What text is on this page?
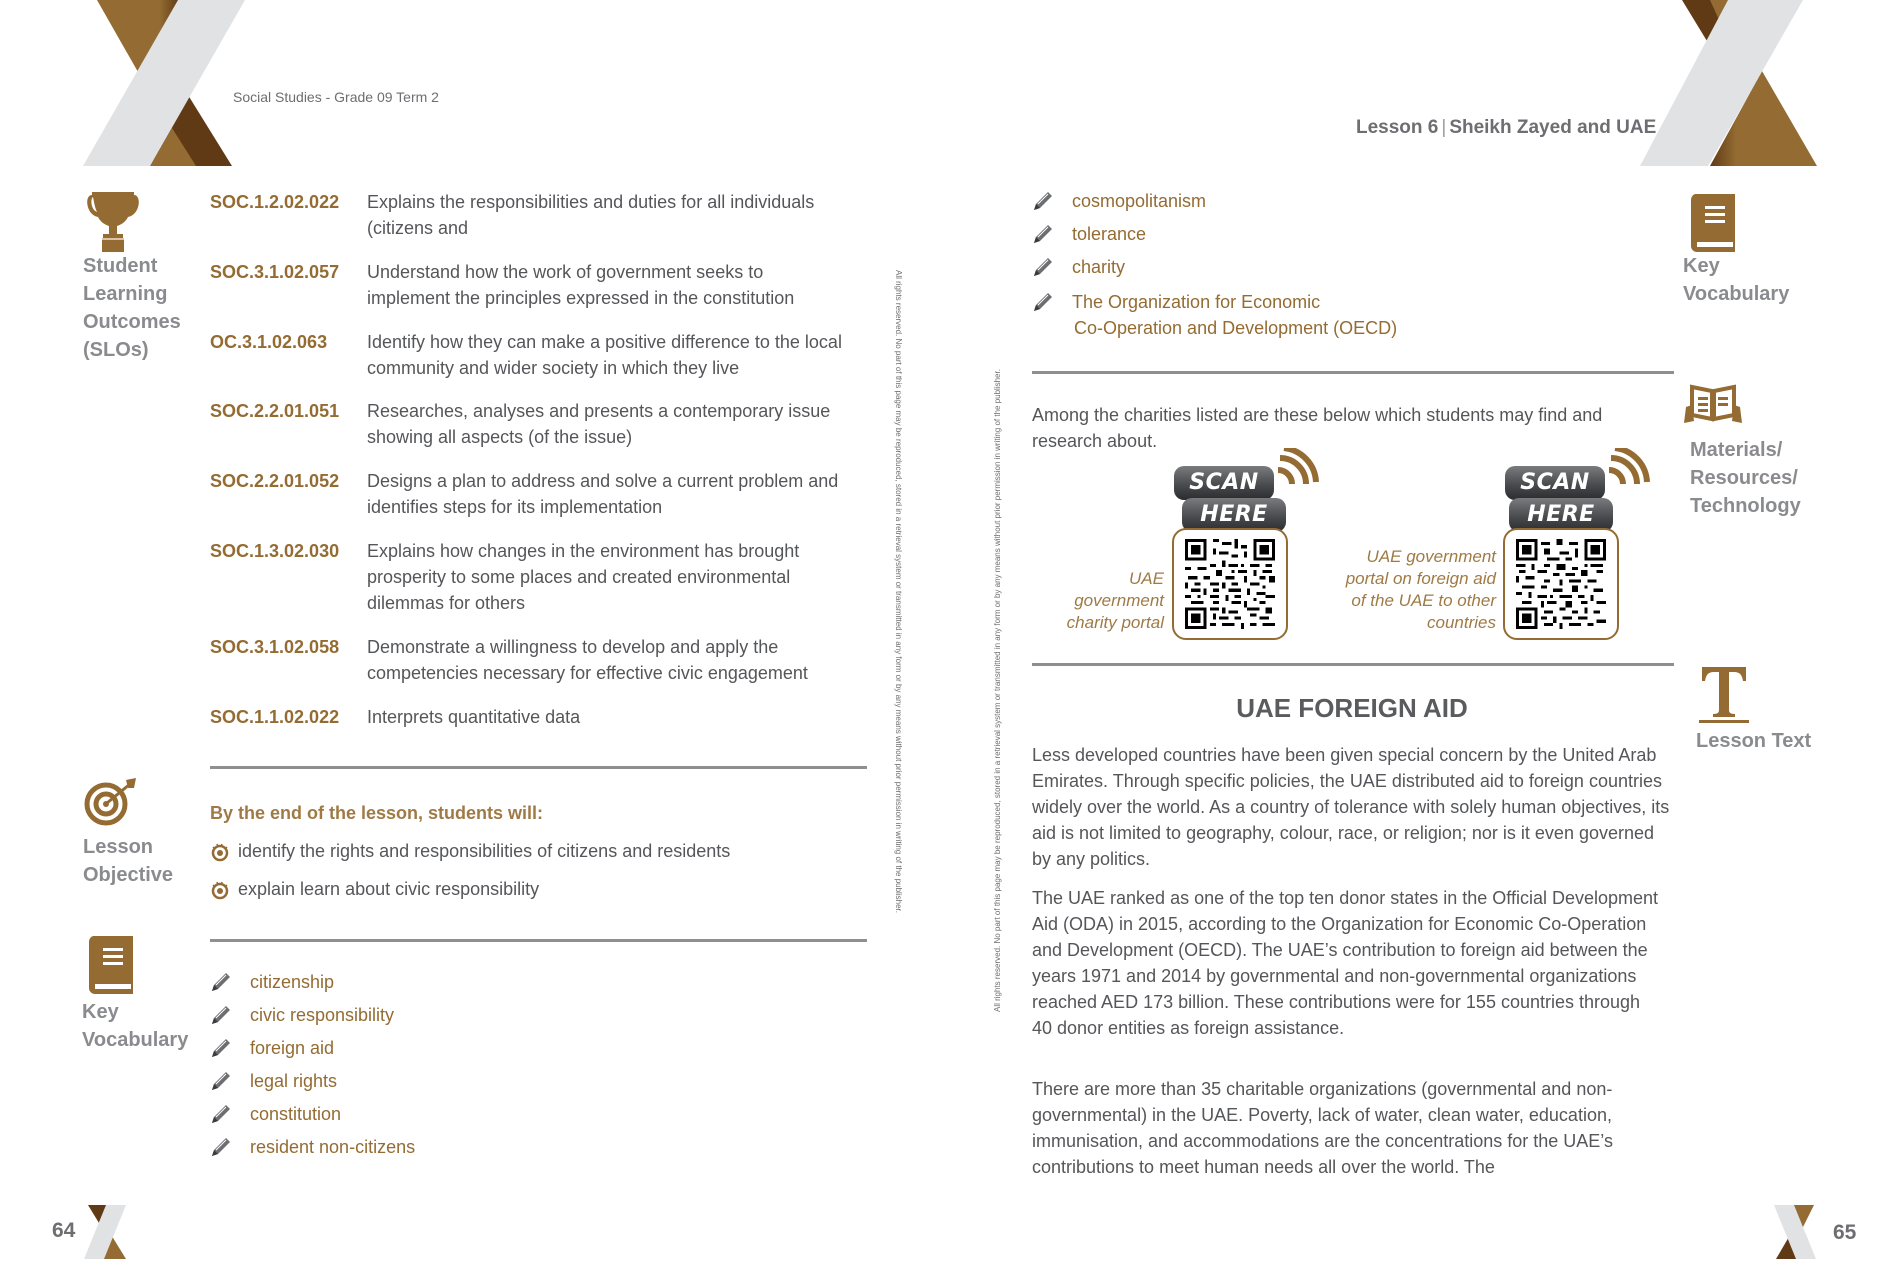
64	65
Social Studies - Grade 09 Term 2
Lesson 6 | Sheikh Zayed and UAE
Student
Learning
Outcomes
(SLOs)
SOC.1.2.02.022	Explains the responsibilities and duties for all individuals (citizens and
SOC.3.1.02.057	Understand how the work of government seeks to implement the principles expressed in the constitution
OC.3.1.02.063	Identify how they can make a positive difference to the local community and wider society in which they live
SOC.2.2.01.051	Researches, analyses and presents a contemporary issue showing all aspects (of the issue)
SOC.2.2.01.052	Designs a plan to address and solve a current problem and identifies steps for its implementation
SOC.1.3.02.030	Explains how changes in the environment has brought prosperity to some places and created environmental dilemmas for others
SOC.3.1.02.058	Demonstrate a willingness to develop and apply the competencies necessary for effective civic engagement
SOC.1.1.02.022	Interprets quantitative data
Lesson
Objective
By the end of the lesson, students will:
identify the rights and responsibilities of citizens and residents
explain learn about civic responsibility
Key
Vocabulary
citizenship
civic responsibility
foreign aid
legal rights
constitution
resident non-citizens
All rights reserved. No part of this page may be reproduced, stored in a retrieval system or transmitted in any form or by any means without prior permission in writing of the publisher.	All rights reserved. No part of this page may be reproduced, stored in a retrieval system or transmitted in any form or by any means without prior permission in writing of the publisher.
cosmopolitanism
tolerance
charity
The Organization for Economic
Co-Operation and Development (OECD)
Key
Vocabulary
Materials/
Resources/
Technology
Among the charities listed are these below which students may find and research about.
SCAN
HERE
UAE
government
charity portal
SCAN
HERE
UAE government
portal on foreign aid
of the UAE to other
countries
Lesson Text
UAE FOREIGN AID
Less developed countries have been given special concern by the United Arab Emirates. Through specific policies, the UAE distributed aid to foreign countries widely over the world. As a country of tolerance with solely human objectives, its aid is not limited to geography, colour, race, or religion; nor is it even governed by any politics.
The UAE ranked as one of the top ten donor states in the Official Development Aid (ODA) in 2015, according to the Organization for Economic Co-Operation and Development (OECD). The UAE’s contribution to foreign aid between the years 1971 and 2014 by governmental and non-governmental organizations reached AED 173 billion. These contributions were for 155 countries through 40 donor entities as foreign assistance.
There are more than 35 charitable organizations (governmental and non-governmental) in the UAE. Poverty, lack of water, clean water, education, immunisation, and accommodations are the concentrations for the UAE’s contributions to meet human needs all over the world. The
